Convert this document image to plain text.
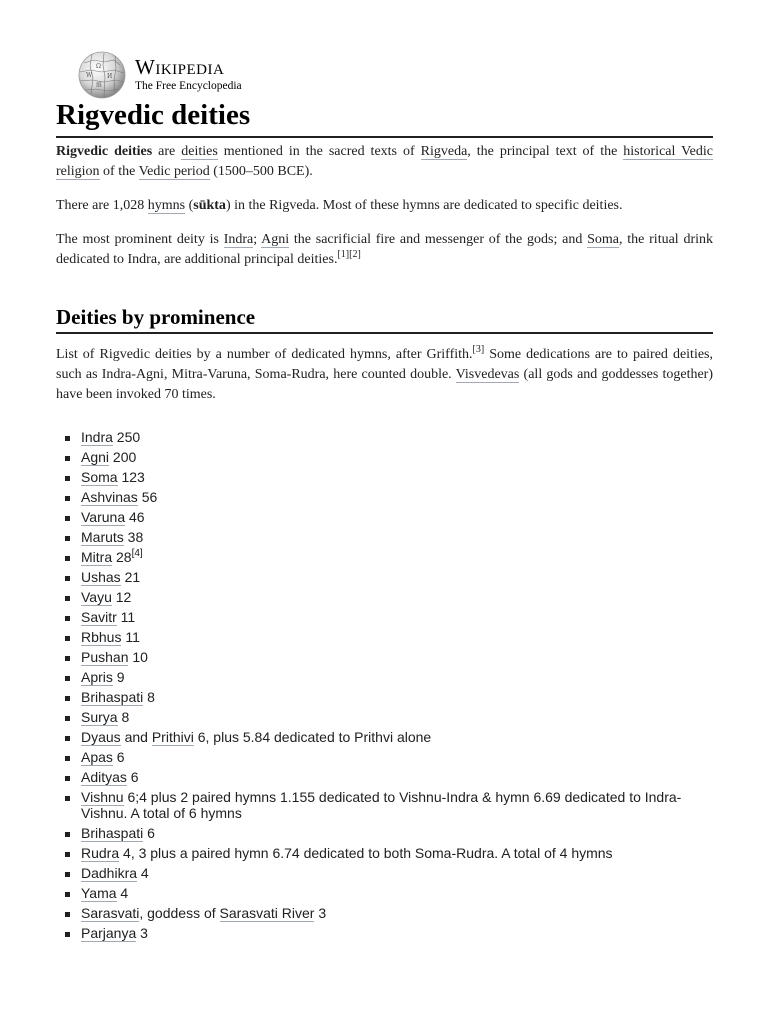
Ω
W И
維
Wikipedia
The Free Encyclopedia
Rigvedic deities

Rigvedic deities are deities mentioned in the sacred texts of Rigveda, the principal text of the historical Vedic religion of the Vedic period (1500–500 BCE).

There are 1,028 hymns (sūkta) in the Rigveda. Most of these hymns are dedicated to specific deities.

The most prominent deity is Indra; Agni the sacrificial fire and messenger of the gods; and Soma, the ritual drink dedicated to Indra, are additional principal deities.[1][2]

Deities by prominence

List of Rigvedic deities by a number of dedicated hymns, after Griffith.[3] Some dedications are to paired deities, such as Indra-Agni, Mitra-Varuna, Soma-Rudra, here counted double. Visvedevas (all gods and goddesses together) have been invoked 70 times.

Indra 250
Agni 200
Soma 123
Ashvinas 56
Varuna 46
Maruts 38
Mitra 28[4]
Ushas 21
Vayu 12
Savitr 11
Rbhus 11
Pushan 10
Apris 9
Brihaspati 8
Surya 8
Dyaus and Prithivi 6, plus 5.84 dedicated to Prithvi alone
Apas 6
Adityas 6
Vishnu 6;4 plus 2 paired hymns 1.155 dedicated to Vishnu-Indra & hymn 6.69 dedicated to Indra-Vishnu. A total of 6 hymns
Brihaspati 6
Rudra 4, 3 plus a paired hymn 6.74 dedicated to both Soma-Rudra. A total of 4 hymns
Dadhikra 4
Yama 4
Sarasvati, goddess of Sarasvati River 3
Parjanya 3
